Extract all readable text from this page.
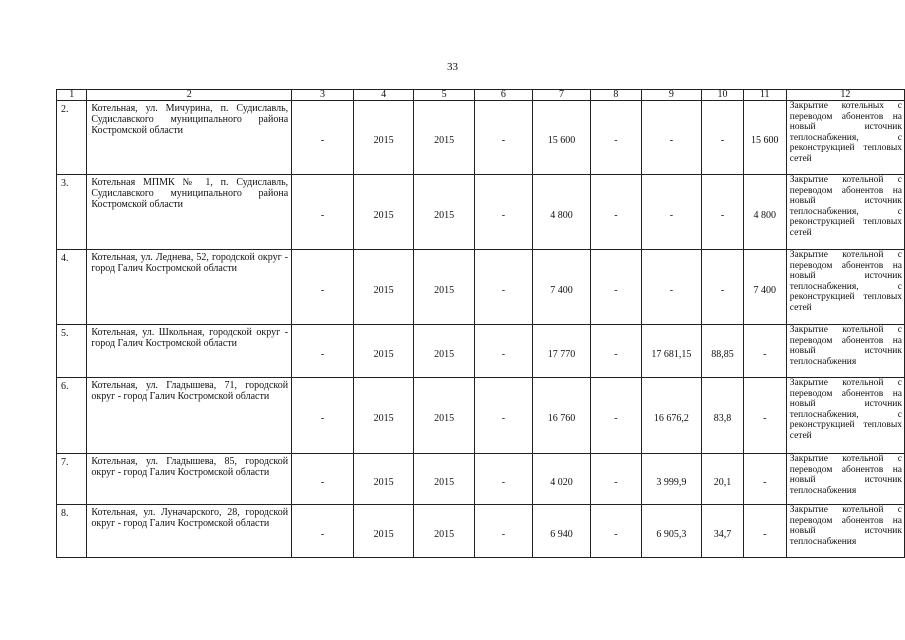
33
1	2	3	4	5	6	7	8	9	10	11	12
2.	Котельная, ул. Мичурина, п. Судиславль, Судиславского муниципального района Костромской области	-	2015	2015	-	15 600	-	-	-	15 600	Закрытие котельных с переводом абонентов на новый источник теплоснабжения, с реконструкцией тепловых сетей
3.	Котельная МПМК № 1, п. Судиславль, Судиславского муниципального района Костромской области	-	2015	2015	-	4 800	-	-	-	4 800	Закрытие котельной с переводом абонентов на новый источник теплоснабжения, с реконструкцией тепловых сетей
4.	Котельная, ул. Леднева, 52, городской округ - город Галич Костромской области	-	2015	2015	-	7 400	-	-	-	7 400	Закрытие котельной с переводом абонентов на новый источник теплоснабжения, с реконструкцией тепловых сетей
5.	Котельная, ул. Школьная, городской округ - город Галич Костромской области	-	2015	2015	-	17 770	-	17 681,15	88,85	-	Закрытие котельной с переводом абонентов на новый источник теплоснабжения
6.	Котельная, ул. Гладышева, 71, городской округ - город Галич Костромской области	-	2015	2015	-	16 760	-	16 676,2	83,8	-	Закрытие котельной с переводом абонентов на новый источник теплоснабжения, с реконструкцией тепловых сетей
7.	Котельная, ул. Гладышева, 85, городской округ - город Галич Костромской области	-	2015	2015	-	4 020	-	3 999,9	20,1	-	Закрытие котельной с переводом абонентов на новый источник теплоснабжения
8.	Котельная, ул. Луначарского, 28, городской округ - город Галич Костромской области	-	2015	2015	-	6 940	-	6 905,3	34,7	-	Закрытие котельной с переводом абонентов на новый источник теплоснабжения
